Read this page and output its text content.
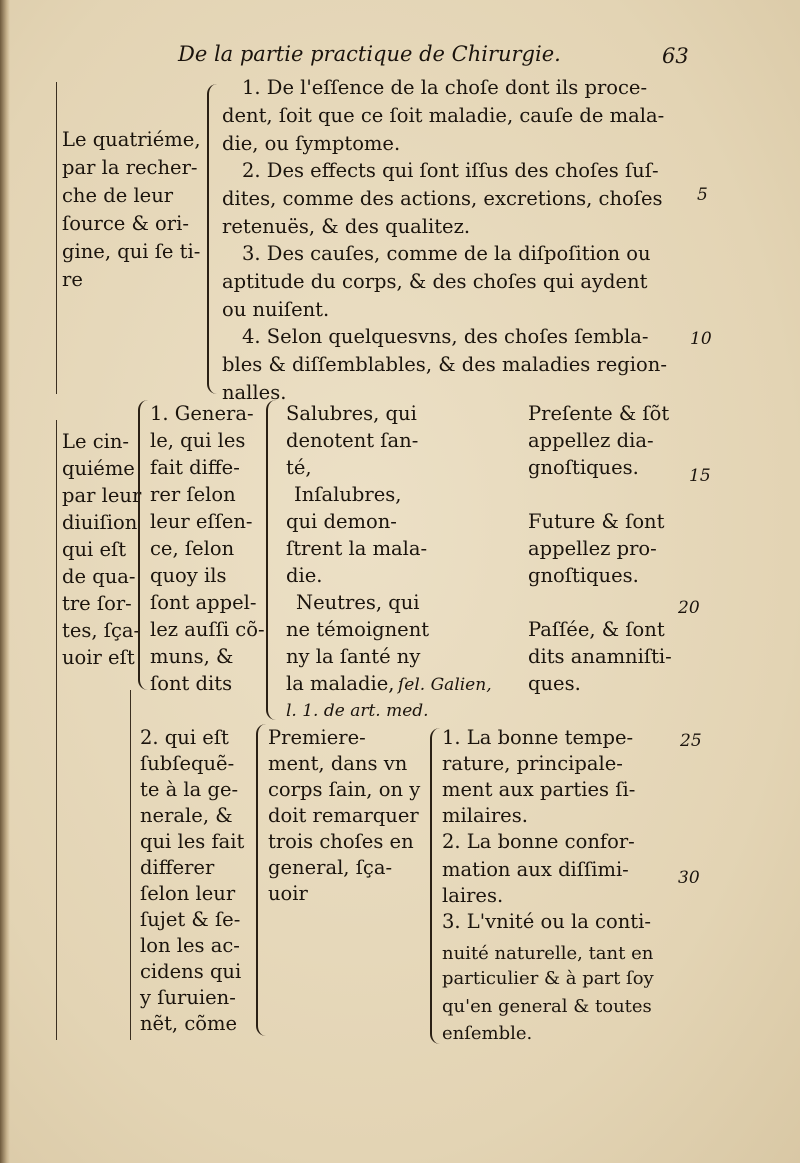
De la partie practique de Chirurgie.	63
Le quatriéme,
par la recher-
che de leur
ſource & ori-
gine, qui ſe ti-
re
1. De l'eſſence de la choſe dont ils proce-
dent, ſoit que ce ſoit maladie, cauſe de mala-
die, ou ſymptome.
2. Des effects qui ſont iſſus des choſes ſuſ-
dites, comme des actions, excretions, choſes
retenuës, & des qualitez.
3. Des cauſes, comme de la diſpoſition ou
aptitude du corps, & des choſes qui aydent
ou nuiſent.
4. Selon quelquesvns, des choſes ſembla-
bles & diſſemblables, & des maladies region-
nalles.
Le cin-
quiéme
par leur
diuiſion
qui eſt
de qua-
tre ſor-
tes, ſça-
uoir eſt
1. Genera-
le, qui les
fait diffe-
rer ſelon
leur eſſen-
ce, ſelon
quoy ils
ſont appel-
lez auſſi cõ-
muns, &
ſont dits
Salubres, qui
denotent ſan-
té,
Inſalubres,
qui demon-
ſtrent la mala-
die.
Neutres, qui
ne témoignent
ny la ſanté ny
la maladie, ſel. Galien,
l. 1. de art. med.
Preſente & ſõt
appellez dia-
gnoſtiques.
Future & ſont
appellez pro-
gnoſtiques.
Paſſée, & ſont
dits anamniſti-
ques.
2. qui eſt
ſubſequẽ-
te à la ge-
nerale, &
qui les fait
differer
ſelon leur
ſujet & ſe-
lon les ac-
cidens qui
y ſuruien-
nẽt, cõme
Premiere-
ment, dans vn
corps ſain, on y
doit remarquer
trois choſes en
general, ſça-
uoir
1. La bonne tempe-
rature, principale-
ment aux parties ſi-
milaires.
2. La bonne confor-
mation aux diſſimi-
laires.
3. L'vnité ou la conti-
nuité naturelle, tant en
particulier & à part ſoy
qu'en general & toutes
enſemble.
5
10
15
20
25
30
